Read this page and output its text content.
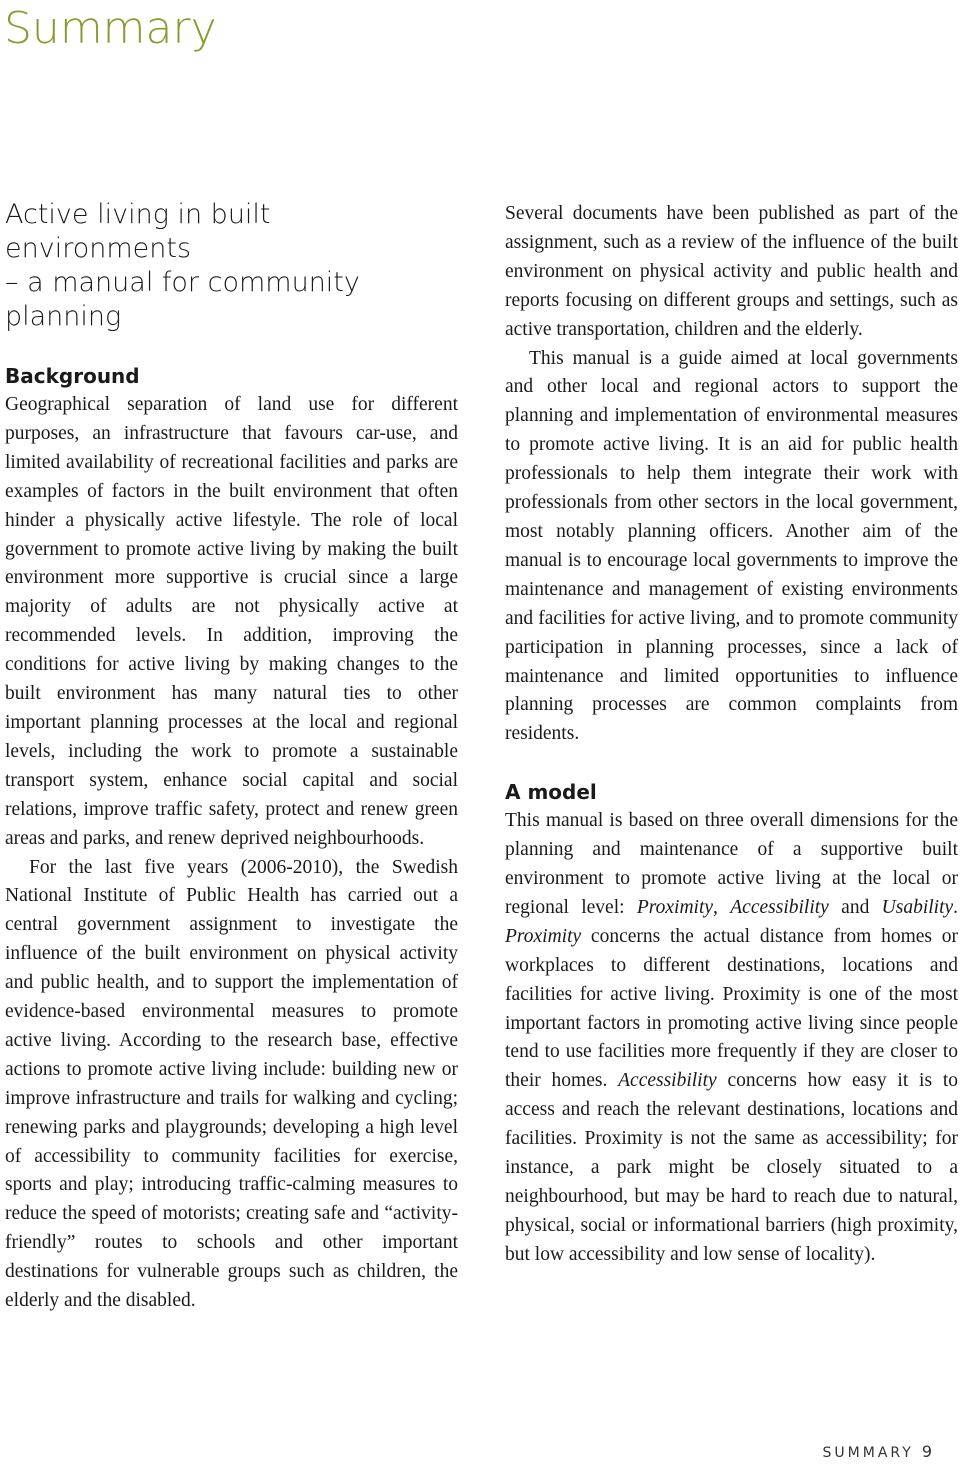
Summary
Active living in built environments
– a manual for community
planning
Background

Geographical separation of land use for different purposes, an infrastructure that favours car-use, and limited availability of recreational facilities and parks are examples of factors in the built environment that often hinder a physically active lifestyle. The role of local government to promote active living by making the built environment more supportive is crucial since a large majority of adults are not physically active at recommended levels. In addition, improving the conditions for active living by making changes to the built environment has many natural ties to other important planning processes at the local and regional levels, including the work to promote a sustainable transport system, enhance social capital and social relations, improve traffic safety, protect and renew green areas and parks, and renew deprived neighbourhoods.

For the last five years (2006-2010), the Swedish National Institute of Public Health has carried out a central government assignment to investigate the influence of the built environment on physical activity and public health, and to support the implementation of evidence-based environmental measures to promote active living. According to the research base, effective actions to promote active living include: building new or improve infrastructure and trails for walking and cycling; renewing parks and playgrounds; developing a high level of accessibility to community facilities for exercise, sports and play; introducing traffic-calming measures to reduce the speed of motorists; creating safe and “activity-friendly” routes to schools and other important destinations for vulnerable groups such as children, the elderly and the disabled.

Several documents have been published as part of the assignment, such as a review of the influence of the built environment on physical activity and public health and reports focusing on different groups and settings, such as active transportation, children and the elderly.

This manual is a guide aimed at local governments and other local and regional actors to support the planning and implementation of environmental measures to promote active living. It is an aid for public health professionals to help them integrate their work with professionals from other sectors in the local government, most notably planning officers. Another aim of the manual is to encourage local governments to improve the maintenance and management of existing environments and facilities for active living, and to promote community participation in planning processes, since a lack of maintenance and limited opportunities to influence planning processes are common complaints from residents.

A model

This manual is based on three overall dimensions for the planning and maintenance of a supportive built environment to promote active living at the local or regional level: Proximity, Accessibility and Usability. Proximity concerns the actual distance from homes or workplaces to different destinations, locations and facilities for active living. Proximity is one of the most important factors in promoting active living since people tend to use facilities more frequently if they are closer to their homes. Accessibility concerns how easy it is to access and reach the relevant destinations, locations and facilities. Proximity is not the same as accessibility; for instance, a park might be closely situated to a neighbourhood, but may be hard to reach due to natural, physical, social or informational barriers (high proximity, but low accessibility and low sense of locality).

SUMMARY 9
